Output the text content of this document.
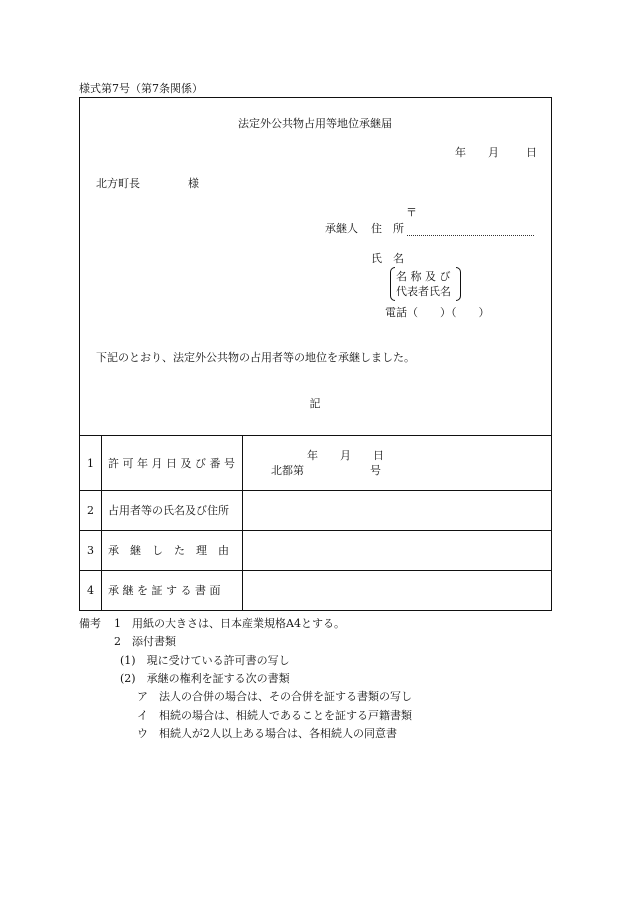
様式第7号（第7条関係）
法定外公共物占用等地位承継届
年 月 日
北方町長	様
〒
承継人 住　所
氏　名
名 称 及 び
代表者氏名
電話（　　）（　　）
下記のとおり、法定外公共物の占用者等の地位を承継しました。
記
1	許 可 年 月 日 及 び 番 号
年　　月　　日
北都第　　　　　　号
2	占用者等の氏名及び住所
3	承　継　し　た　理　由
4	承 継 を 証 す る 書 面
備考 1　用紙の大きさは、日本産業規格A4とする。
2　添付書類
(1)　現に受けている許可書の写し
(2)　承継の権利を証する次の書類
ア　法人の合併の場合は、その合併を証する書類の写し
イ　相続の場合は、相続人であることを証する戸籍書類
ウ　相続人が2人以上ある場合は、各相続人の同意書
